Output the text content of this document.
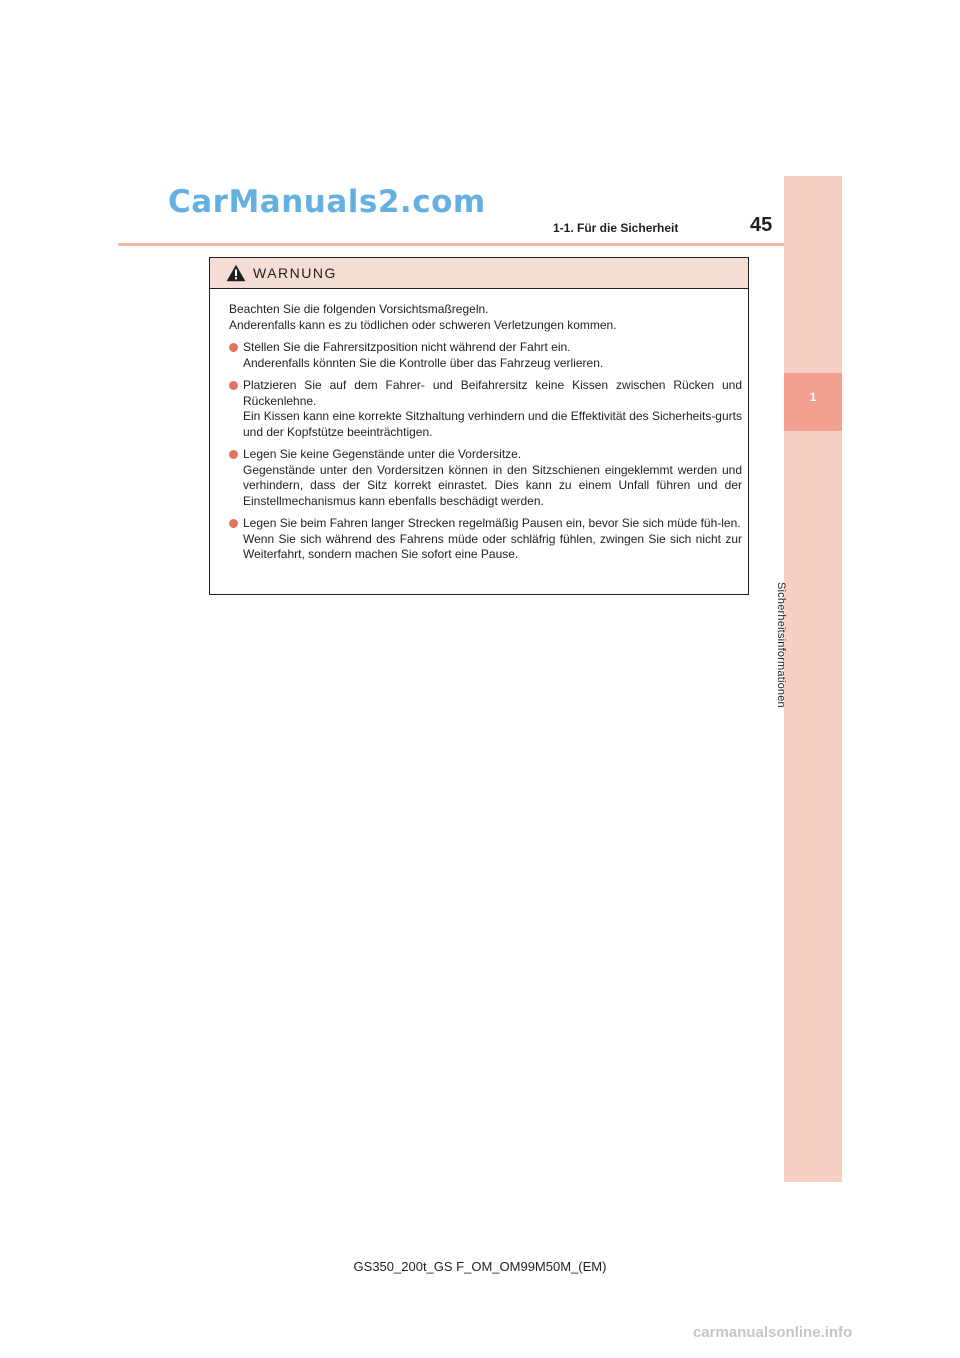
CarManuals2.com
1-1. Für die Sicherheit	45
1
Sicherheitsinformationen
WARNUNG

Beachten Sie die folgenden Vorsichtsmaßregeln.

Anderenfalls kann es zu tödlichen oder schweren Verletzungen kommen.

Stellen Sie die Fahrersitzposition nicht während der Fahrt ein.

Anderenfalls könnten Sie die Kontrolle über das Fahrzeug verlieren.

Platzieren Sie auf dem Fahrer- und Beifahrersitz keine Kissen zwischen Rücken und Rückenlehne.

Ein Kissen kann eine korrekte Sitzhaltung verhindern und die Effektivität des Sicherheits-gurts und der Kopfstütze beeinträchtigen.

Legen Sie keine Gegenstände unter die Vordersitze.

Gegenstände unter den Vordersitzen können in den Sitzschienen eingeklemmt werden und verhindern, dass der Sitz korrekt einrastet. Dies kann zu einem Unfall führen und der Einstellmechanismus kann ebenfalls beschädigt werden.

Legen Sie beim Fahren langer Strecken regelmäßig Pausen ein, bevor Sie sich müde füh-len.

Wenn Sie sich während des Fahrens müde oder schläfrig fühlen, zwingen Sie sich nicht zur Weiterfahrt, sondern machen Sie sofort eine Pause.

GS350_200t_GS F_OM_OM99M50M_(EM)
carmanualsonline.info
